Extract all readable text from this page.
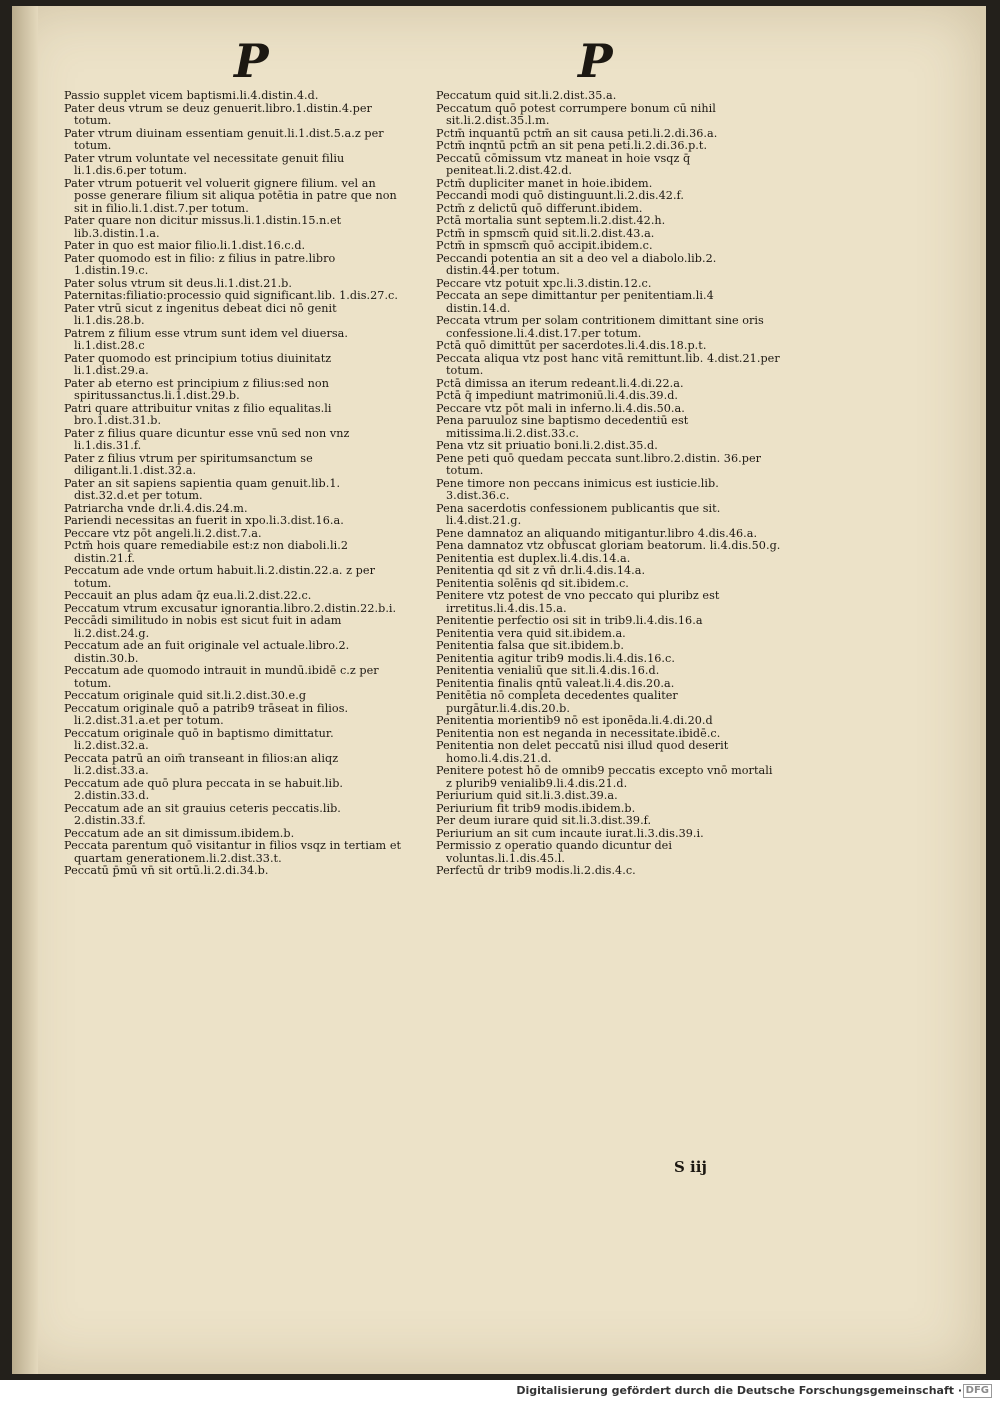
P	P
Passio supplet vicem baptismi.li.4.distin.4.d.
Pater deus vtrum se deuz genuerit.libro.1.distin.4.per totum.
Pater vtrum diuinam essentiam genuit.li.1.dist.5.a.z per totum.
Pater vtrum voluntate vel necessitate genuit filiu li.1.dis.6.per totum.
Pater vtrum potuerit vel voluerit gignere filium. vel an posse generare filium sit aliqua potētia in patre que non sit in filio.li.1.dist.7.per totum.
Pater quare non dicitur missus.li.1.distin.15.n.et lib.3.distin.1.a.
Pater in quo est maior filio.li.1.dist.16.c.d.
Pater quomodo est in filio: z filius in patre.libro 1.distin.19.c.
Pater solus vtrum sit deus.li.1.dist.21.b.
Paternitas:filiatio:processio quid significant.lib. 1.dis.27.c.
Pater vtrū sicut z ingenitus debeat dici nō genit li.1.dis.28.b.
Patrem z filium esse vtrum sunt idem vel diuersa. li.1.dist.28.c
Pater quomodo est principium totius diuinitatz li.1.dist.29.a.
Pater ab eterno est principium z filius:sed non spiritussanctus.li.1.dist.29.b.
Patri quare attribuitur vnitas z filio equalitas.li bro.1.dist.31.b.
Pater z filius quare dicuntur esse vnū sed non vnz li.1.dis.31.f.
Pater z filius vtrum per spiritumsanctum se diligant.li.1.dist.32.a.
Pater an sit sapiens sapientia quam genuit.lib.1. dist.32.d.et per totum.
Patriarcha vnde dr.li.4.dis.24.m.
Pariendi necessitas an fuerit in xpo.li.3.dist.16.a.
Peccare vtz pōt angeli.li.2.dist.7.a.
Pctm̄ hois quare remediabile est:z non diaboli.li.2 distin.21.f.
Peccatum ade vnde ortum habuit.li.2.distin.22.a. z per totum.
Peccauit an plus adam q̄z eua.li.2.dist.22.c.
Peccatum vtrum excusatur ignorantia.libro.2.distin.22.b.i.
Peccādi similitudo in nobis est sicut fuit in adam li.2.dist.24.g.
Peccatum ade an fuit originale vel actuale.libro.2. distin.30.b.
Peccatum ade quomodo intrauit in mundū.ibidē c.z per totum.
Peccatum originale quid sit.li.2.dist.30.e.g
Peccatum originale quō a patrib9 trāseat in filios. li.2.dist.31.a.et per totum.
Peccatum originale quō in baptismo dimittatur. li.2.dist.32.a.
Peccata patrū an oim̄ transeant in filios:an aliqz li.2.dist.33.a.
Peccatum ade quō plura peccata in se habuit.lib. 2.distin.33.d.
Peccatum ade an sit grauius ceteris peccatis.lib. 2.distin.33.f.
Peccatum ade an sit dimissum.ibidem.b.
Peccata parentum quō visitantur in filios vsqz in tertiam et quartam generationem.li.2.dist.33.t.
Peccatū p̄mū vn̄ sit ortū.li.2.di.34.b.
Peccatum quid sit.li.2.dist.35.a.
Peccatum quō potest corrumpere bonum cū nihil sit.li.2.dist.35.l.m.
Pctm̄ inquantū pctm̄ an sit causa peti.li.2.di.36.a.
Pctm̄ inqntū pctm̄ an sit pena peti.li.2.di.36.p.t.
Peccatū cōmissum vtz maneat in hoie vsqz q̄ peniteat.li.2.dist.42.d.
Pctm̄ dupliciter manet in hoie.ibidem.
Peccandi modi quō distinguunt.li.2.dis.42.f.
Pctm̄ z delictū quō differunt.ibidem.
Pctā mortalia sunt septem.li.2.dist.42.h.
Pctm̄ in spmscm̄ quid sit.li.2.dist.43.a.
Pctm̄ in spmscm̄ quō accipit.ibidem.c.
Peccandi potentia an sit a deo vel a diabolo.lib.2. distin.44.per totum.
Peccare vtz potuit xpc.li.3.distin.12.c.
Peccata an sepe dimittantur per penitentiam.li.4 distin.14.d.
Peccata vtrum per solam contritionem dimittant sine oris confessione.li.4.dist.17.per totum.
Pctā quō dimittūt per sacerdotes.li.4.dis.18.p.t.
Peccata aliqua vtz post hanc vitā remittunt.lib. 4.dist.21.per totum.
Pctā dimissa an iterum redeant.li.4.di.22.a.
Pctā q̄ impediunt matrimoniū.li.4.dis.39.d.
Peccare vtz pōt mali in inferno.li.4.dis.50.a.
Pena paruuloz sine baptismo decedentiū est mitissima.li.2.dist.33.c.
Pena vtz sit priuatio boni.li.2.dist.35.d.
Pene peti quō quedam peccata sunt.libro.2.distin. 36.per totum.
Pene timore non peccans inimicus est iusticie.lib. 3.dist.36.c.
Pena sacerdotis confessionem publicantis que sit. li.4.dist.21.g.
Pene damnatoz an aliquando mitigantur.libro 4.dis.46.a.
Pena damnatoz vtz obfuscat gloriam beatorum. li.4.dis.50.g.
Penitentia est duplex.li.4.dis.14.a.
Penitentia qd sit z vn̄ dr.li.4.dis.14.a.
Penitentia solēnis qd sit.ibidem.c.
Penitere vtz potest de vno peccato qui pluribz est irretitus.li.4.dis.15.a.
Penitentie perfectio osi sit in trib9.li.4.dis.16.a
Penitentia vera quid sit.ibidem.a.
Penitentia falsa que sit.ibidem.b.
Penitentia agitur trib9 modis.li.4.dis.16.c.
Penitentia venialiū que sit.li.4.dis.16.d.
Penitentia finalis qntū valeat.li.4.dis.20.a.
Penitētia nō completa decedentes qualiter purgātur.li.4.dis.20.b.
Penitentia morientib9 nō est iponēda.li.4.di.20.d
Penitentia non est neganda in necessitate.ibidē.c.
Penitentia non delet peccatū nisi illud quod deserit homo.li.4.dis.21.d.
Penitere potest hō de omnib9 peccatis excepto vnō mortali z plurib9 venialib9.li.4.dis.21.d.
Periurium quid sit.li.3.dist.39.a.
Periurium fit trib9 modis.ibidem.b.
Per deum iurare quid sit.li.3.dist.39.f.
Periurium an sit cum incaute iurat.li.3.dis.39.i.
Permissio z operatio quando dicuntur dei voluntas.li.1.dis.45.l.
Perfectū dr trib9 modis.li.2.dis.4.c.
S iij
Digitalisierung gefördert durch die Deutsche Forschungsgemeinschaft · DFG
